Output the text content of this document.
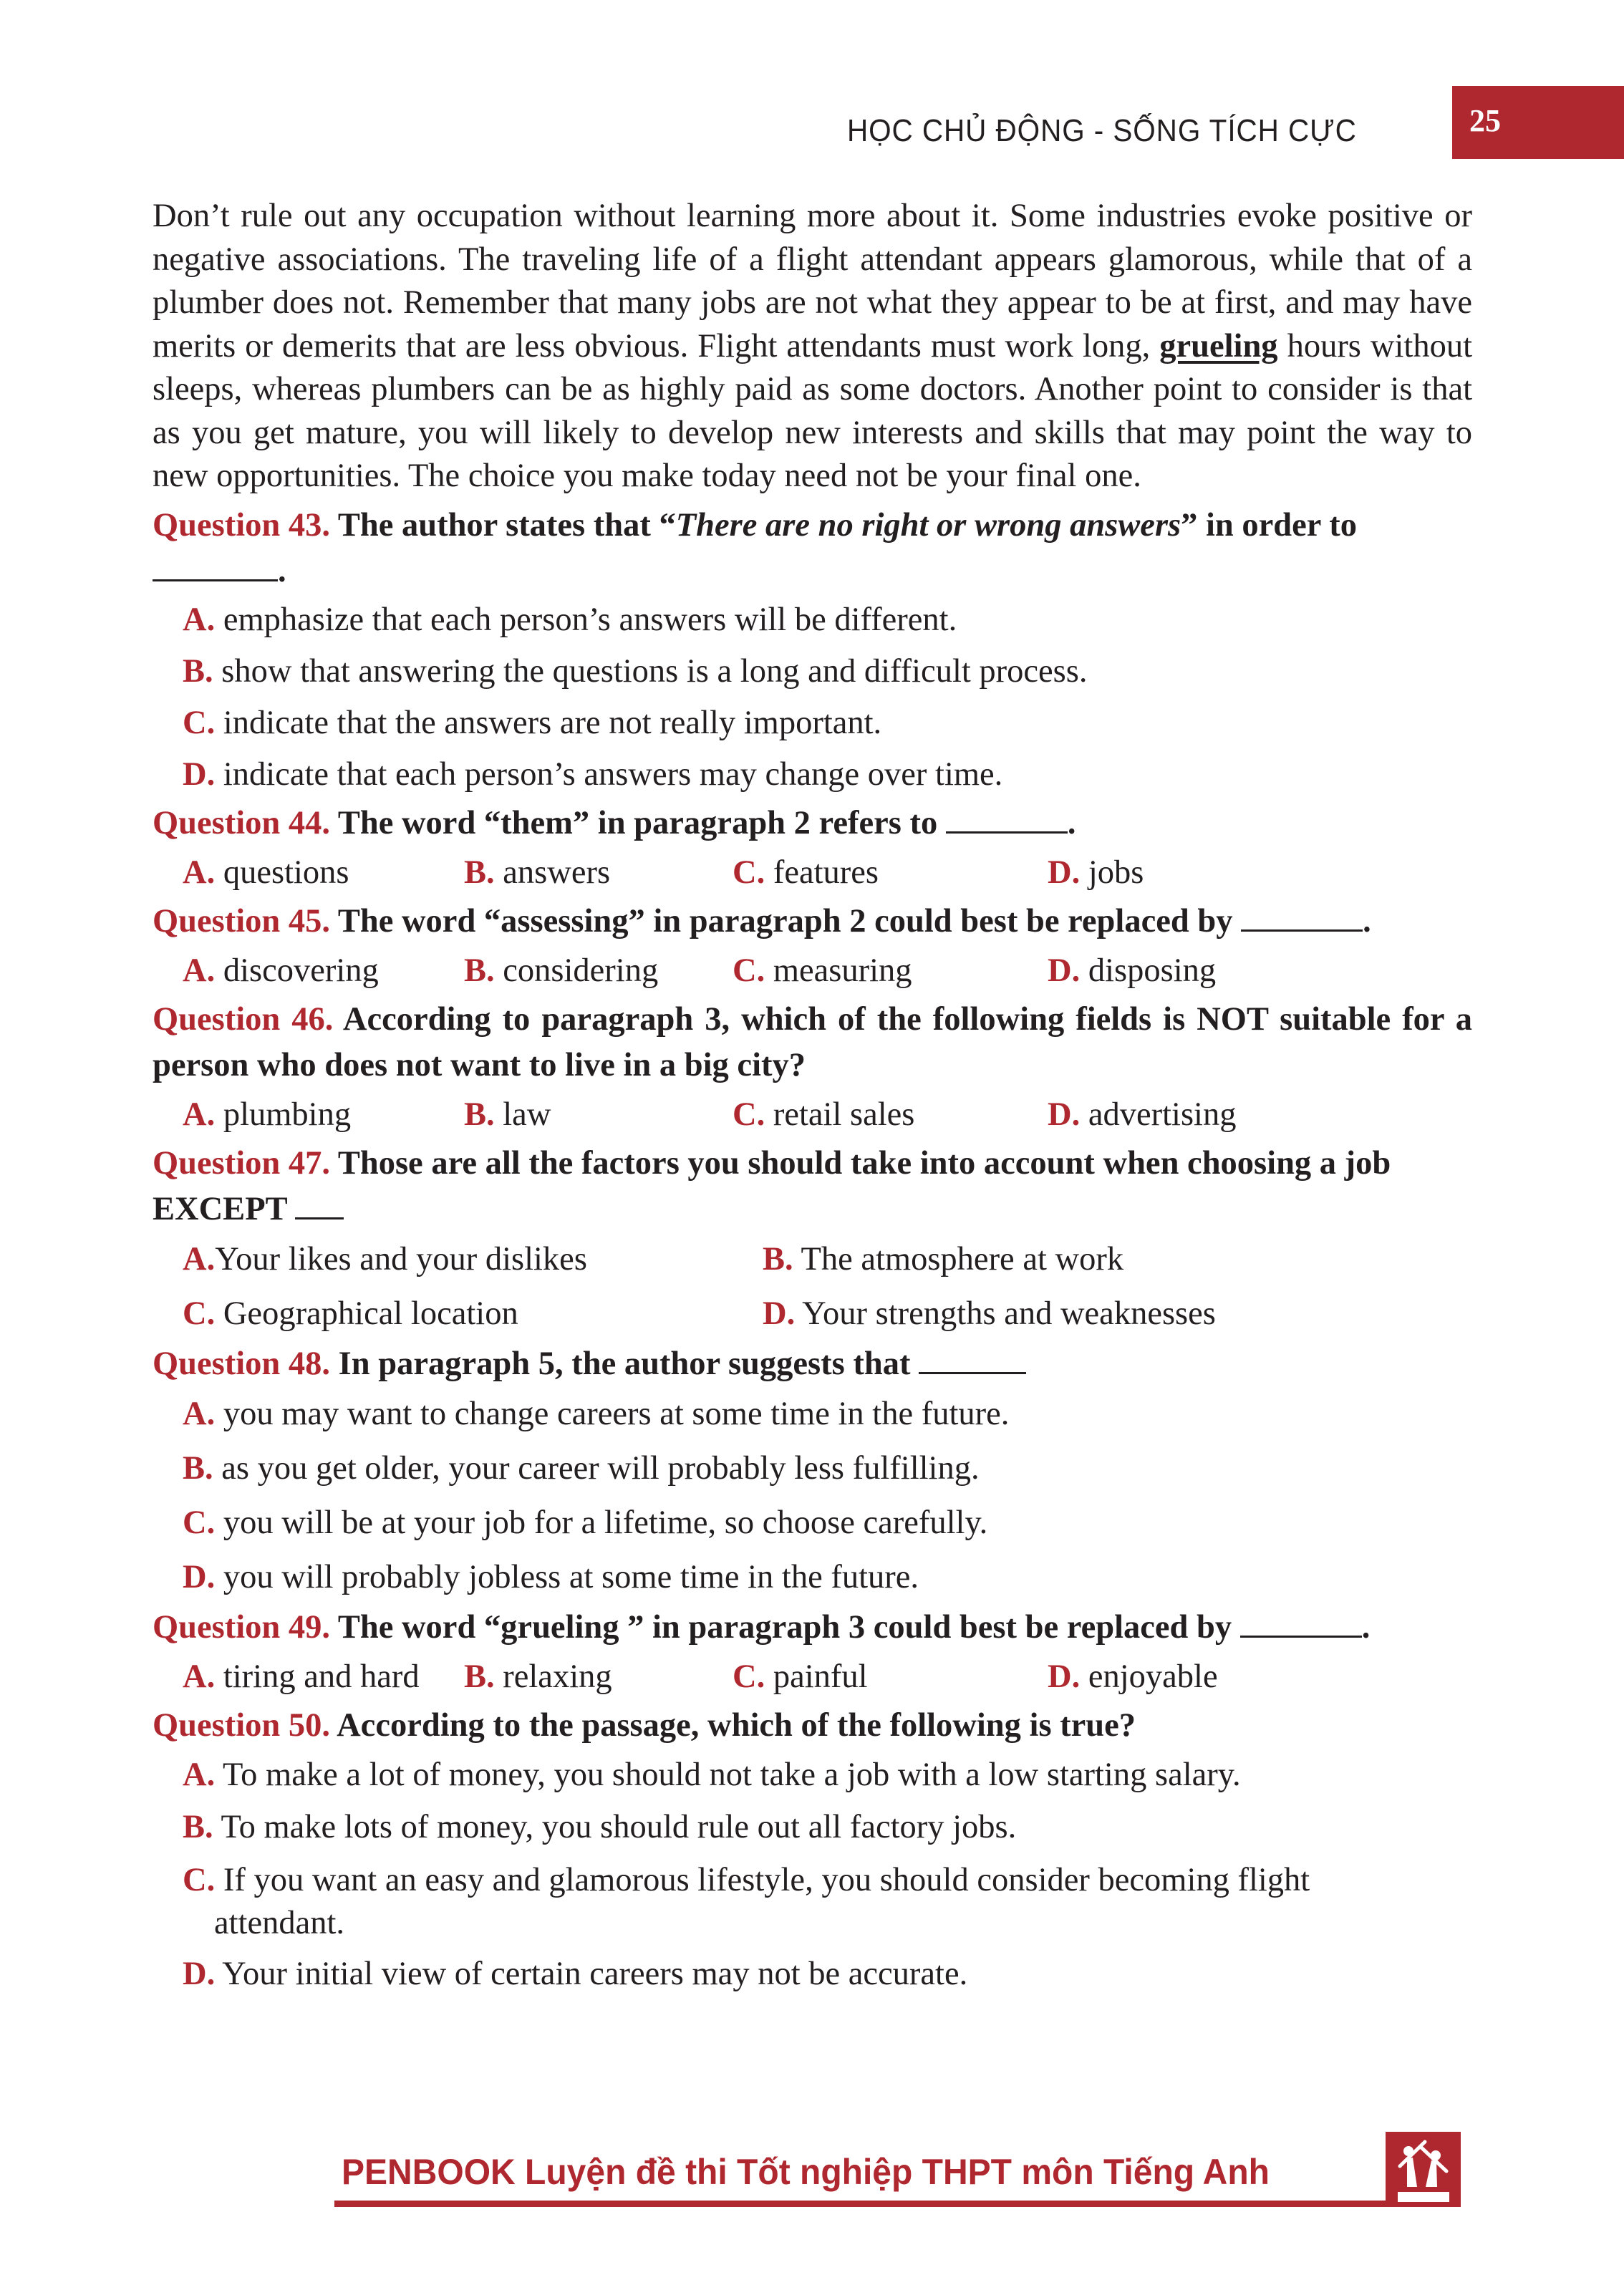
HỌC CHỦ ĐỘNG - SỐNG TÍCH CỰC	25

Don’t rule out any occupation without learning more about it. Some industries evoke positive or negative associations. The traveling life of a flight attendant appears glamorous, while that of a plumber does not. Remember that many jobs are not what they appear to be at first, and may have merits or demerits that are less obvious. Flight attendants must work long, grueling hours without sleeps, whereas plumbers can be as highly paid as some doctors. Another point to consider is that as you get mature, you will likely to develop new interests and skills that may point the way to new opportunities. The choice you make today need not be your final one.

Question 43. The author states that “There are no right or wrong answers” in order to
.

A. emphasize that each person’s answers will be different.
B. show that answering the questions is a long and difficult process.
C. indicate that the answers are not really important.
D. indicate that each person’s answers may change over time.

Question 44. The word “them” in paragraph 2 refers to	.

A. questions	B. answers	C. features	D. jobs

Question 45. The word “assessing” in paragraph 2 could best be replaced by	.

A. discovering	B. considering	C. measuring	D. disposing

Question 46. According to paragraph 3, which of the following fields is NOT suitable for a person who does not want to live in a big city?

A. plumbing	B. law	C. retail sales	D. advertising

Question 47. Those are all the factors you should take into account when choosing a job
EXCEPT

A.Your likes and your dislikes	B. The atmosphere at work
C. Geographical location	D. Your strengths and weaknesses

Question 48. In paragraph 5, the author suggests that

A. you may want to change careers at some time in the future.
B. as you get older, your career will probably less fulfilling.
C. you will be at your job for a lifetime, so choose carefully.
D. you will probably jobless at some time in the future.

Question 49. The word “grueling ” in paragraph 3 could best be replaced by	.

A. tiring and hard	B. relaxing	C. painful	D. enjoyable

Question 50. According to the passage, which of the following is true?

A. To make a lot of money, you should not take a job with a low starting salary.
B. To make lots of money, you should rule out all factory jobs.
C. If you want an easy and glamorous lifestyle, you should consider becoming flight
attendant.
D. Your initial view of certain careers may not be accurate.
PENBOOK Luyện đề thi Tốt nghiệp THPT môn Tiếng Anh
